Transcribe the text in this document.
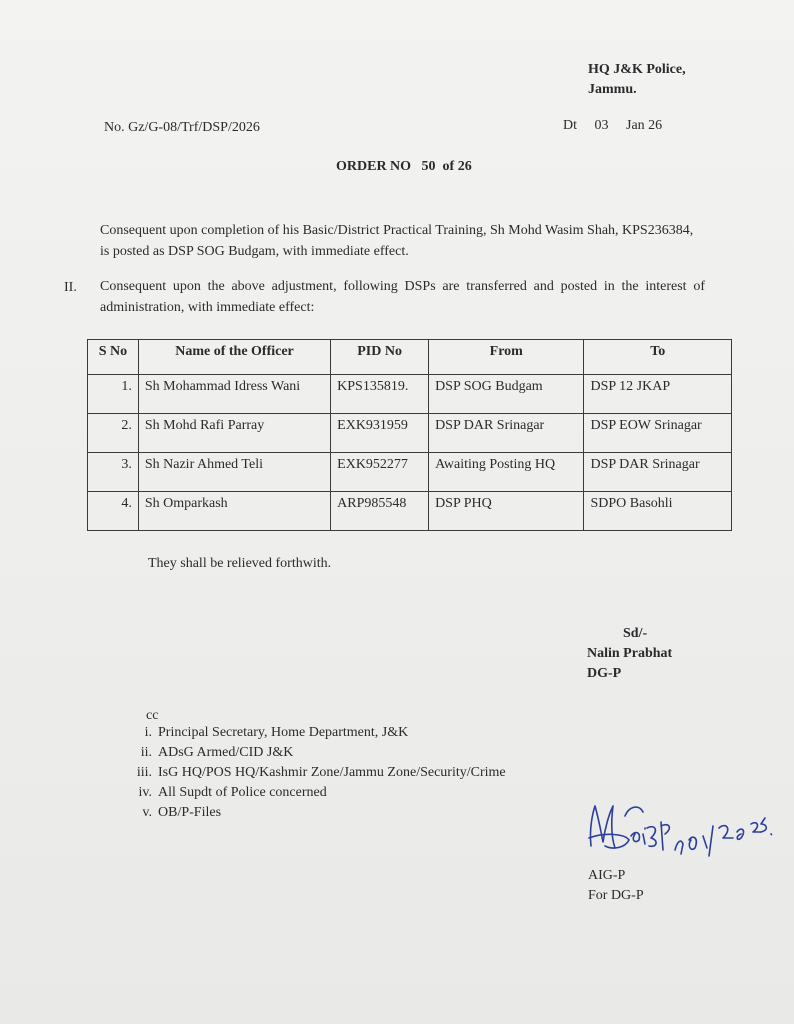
HQ J&K Police,
Jammu.
No. Gz/G-08/Trf/DSP/2026	Dt 03 Jan 26
ORDER NO   50  of 26
Consequent upon completion of his Basic/District Practical Training, Sh Mohd Wasim Shah, KPS236384, is posted as DSP SOG Budgam, with immediate effect.
II. Consequent upon the above adjustment, following DSPs are transferred and posted in the interest of administration, with immediate effect:
S No	Name of the Officer	PID No	From	To
1.	Sh Mohammad Idress Wani	KPS135819.	DSP SOG Budgam	DSP 12 JKAP
2.	Sh Mohd Rafi Parray	EXK931959	DSP DAR Srinagar	DSP EOW Srinagar
3.	Sh Nazir Ahmed Teli	EXK952277	Awaiting Posting HQ	DSP DAR Srinagar
4.	Sh Omparkash	ARP985548	DSP PHQ	SDPO Basohli
They shall be relieved forthwith.
Sd/-
Nalin Prabhat
DG-P
cc
i. Principal Secretary, Home Department, J&K
ii. ADsG Armed/CID J&K
iii. IsG HQ/POS HQ/Kashmir Zone/Jammu Zone/Security/Crime
iv. All Supdt of Police concerned
v. OB/P-Files
AIG-P
For DG-P
